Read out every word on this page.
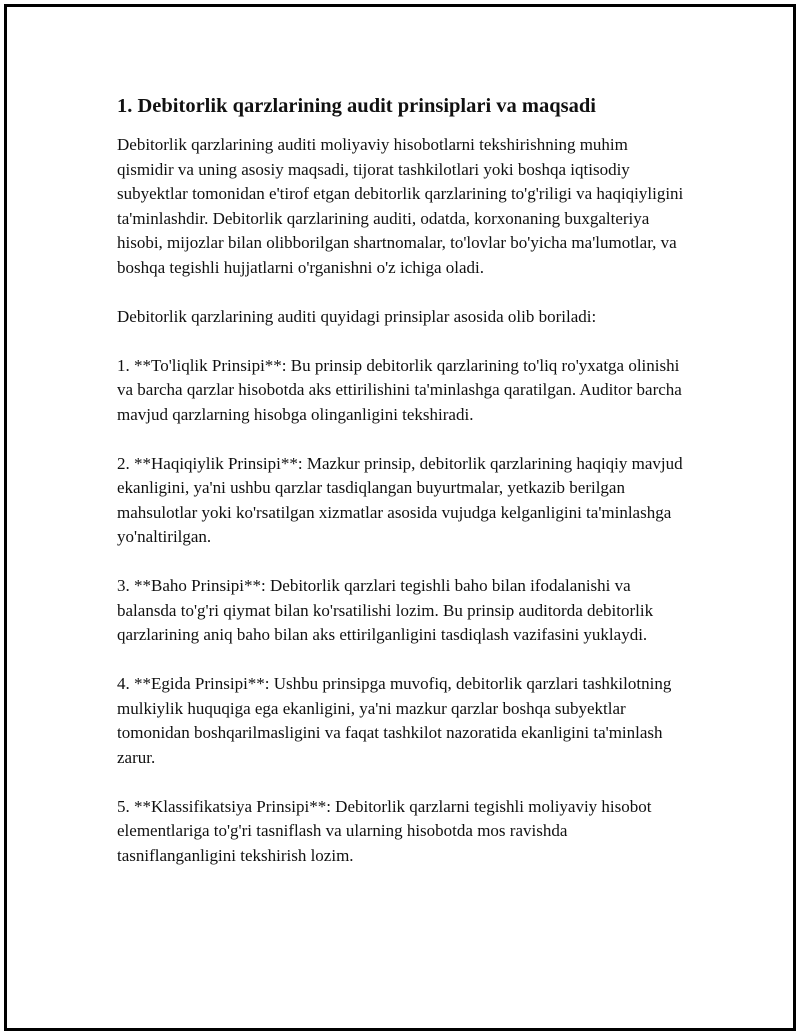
1. Debitorlik qarzlarining audit prinsiplari va maqsadi

Debitorlik qarzlarining auditi moliyaviy hisobotlarni tekshirishning muhim qismidir va uning asosiy maqsadi, tijorat tashkilotlari yoki boshqa iqtisodiy subyektlar tomonidan e'tirof etgan debitorlik qarzlarining to'g'riligi va haqiqiyligini ta'minlashdir. Debitorlik qarzlarining auditi, odatda, korxonaning buxgalteriya hisobi, mijozlar bilan olibborilgan shartnomalar, to'lovlar bo'yicha ma'lumotlar, va boshqa tegishli hujjatlarni o'rganishni o'z ichiga oladi.

Debitorlik qarzlarining auditi quyidagi prinsiplar asosida olib boriladi:

1. **To'liqlik Prinsipi**: Bu prinsip debitorlik qarzlarining to'liq ro'yxatga olinishi va barcha qarzlar hisobotda aks ettirilishini ta'minlashga qaratilgan. Auditor barcha mavjud qarzlarning hisobga olinganligini tekshiradi.

2. **Haqiqiylik Prinsipi**: Mazkur prinsip, debitorlik qarzlarining haqiqiy mavjud ekanligini, ya'ni ushbu qarzlar tasdiqlangan buyurtmalar, yetkazib berilgan mahsulotlar yoki ko'rsatilgan xizmatlar asosida vujudga kelganligini ta'minlashga yo'naltirilgan.

3. **Baho Prinsipi**: Debitorlik qarzlari tegishli baho bilan ifodalanishi va balansda to'g'ri qiymat bilan ko'rsatilishi lozim. Bu prinsip auditorda debitorlik qarzlarining aniq baho bilan aks ettirilganligini tasdiqlash vazifasini yuklaydi.

4. **Egida Prinsipi**: Ushbu prinsipga muvofiq, debitorlik qarzlari tashkilotning mulkiylik huquqiga ega ekanligini, ya'ni mazkur qarzlar boshqa subyektlar tomonidan boshqarilmasligini va faqat tashkilot nazoratida ekanligini ta'minlash zarur.

5. **Klassifikatsiya Prinsipi**: Debitorlik qarzlarni tegishli moliyaviy hisobot elementlariga to'g'ri tasniflash va ularning hisobotda mos ravishda tasniflanganligini tekshirish lozim.
